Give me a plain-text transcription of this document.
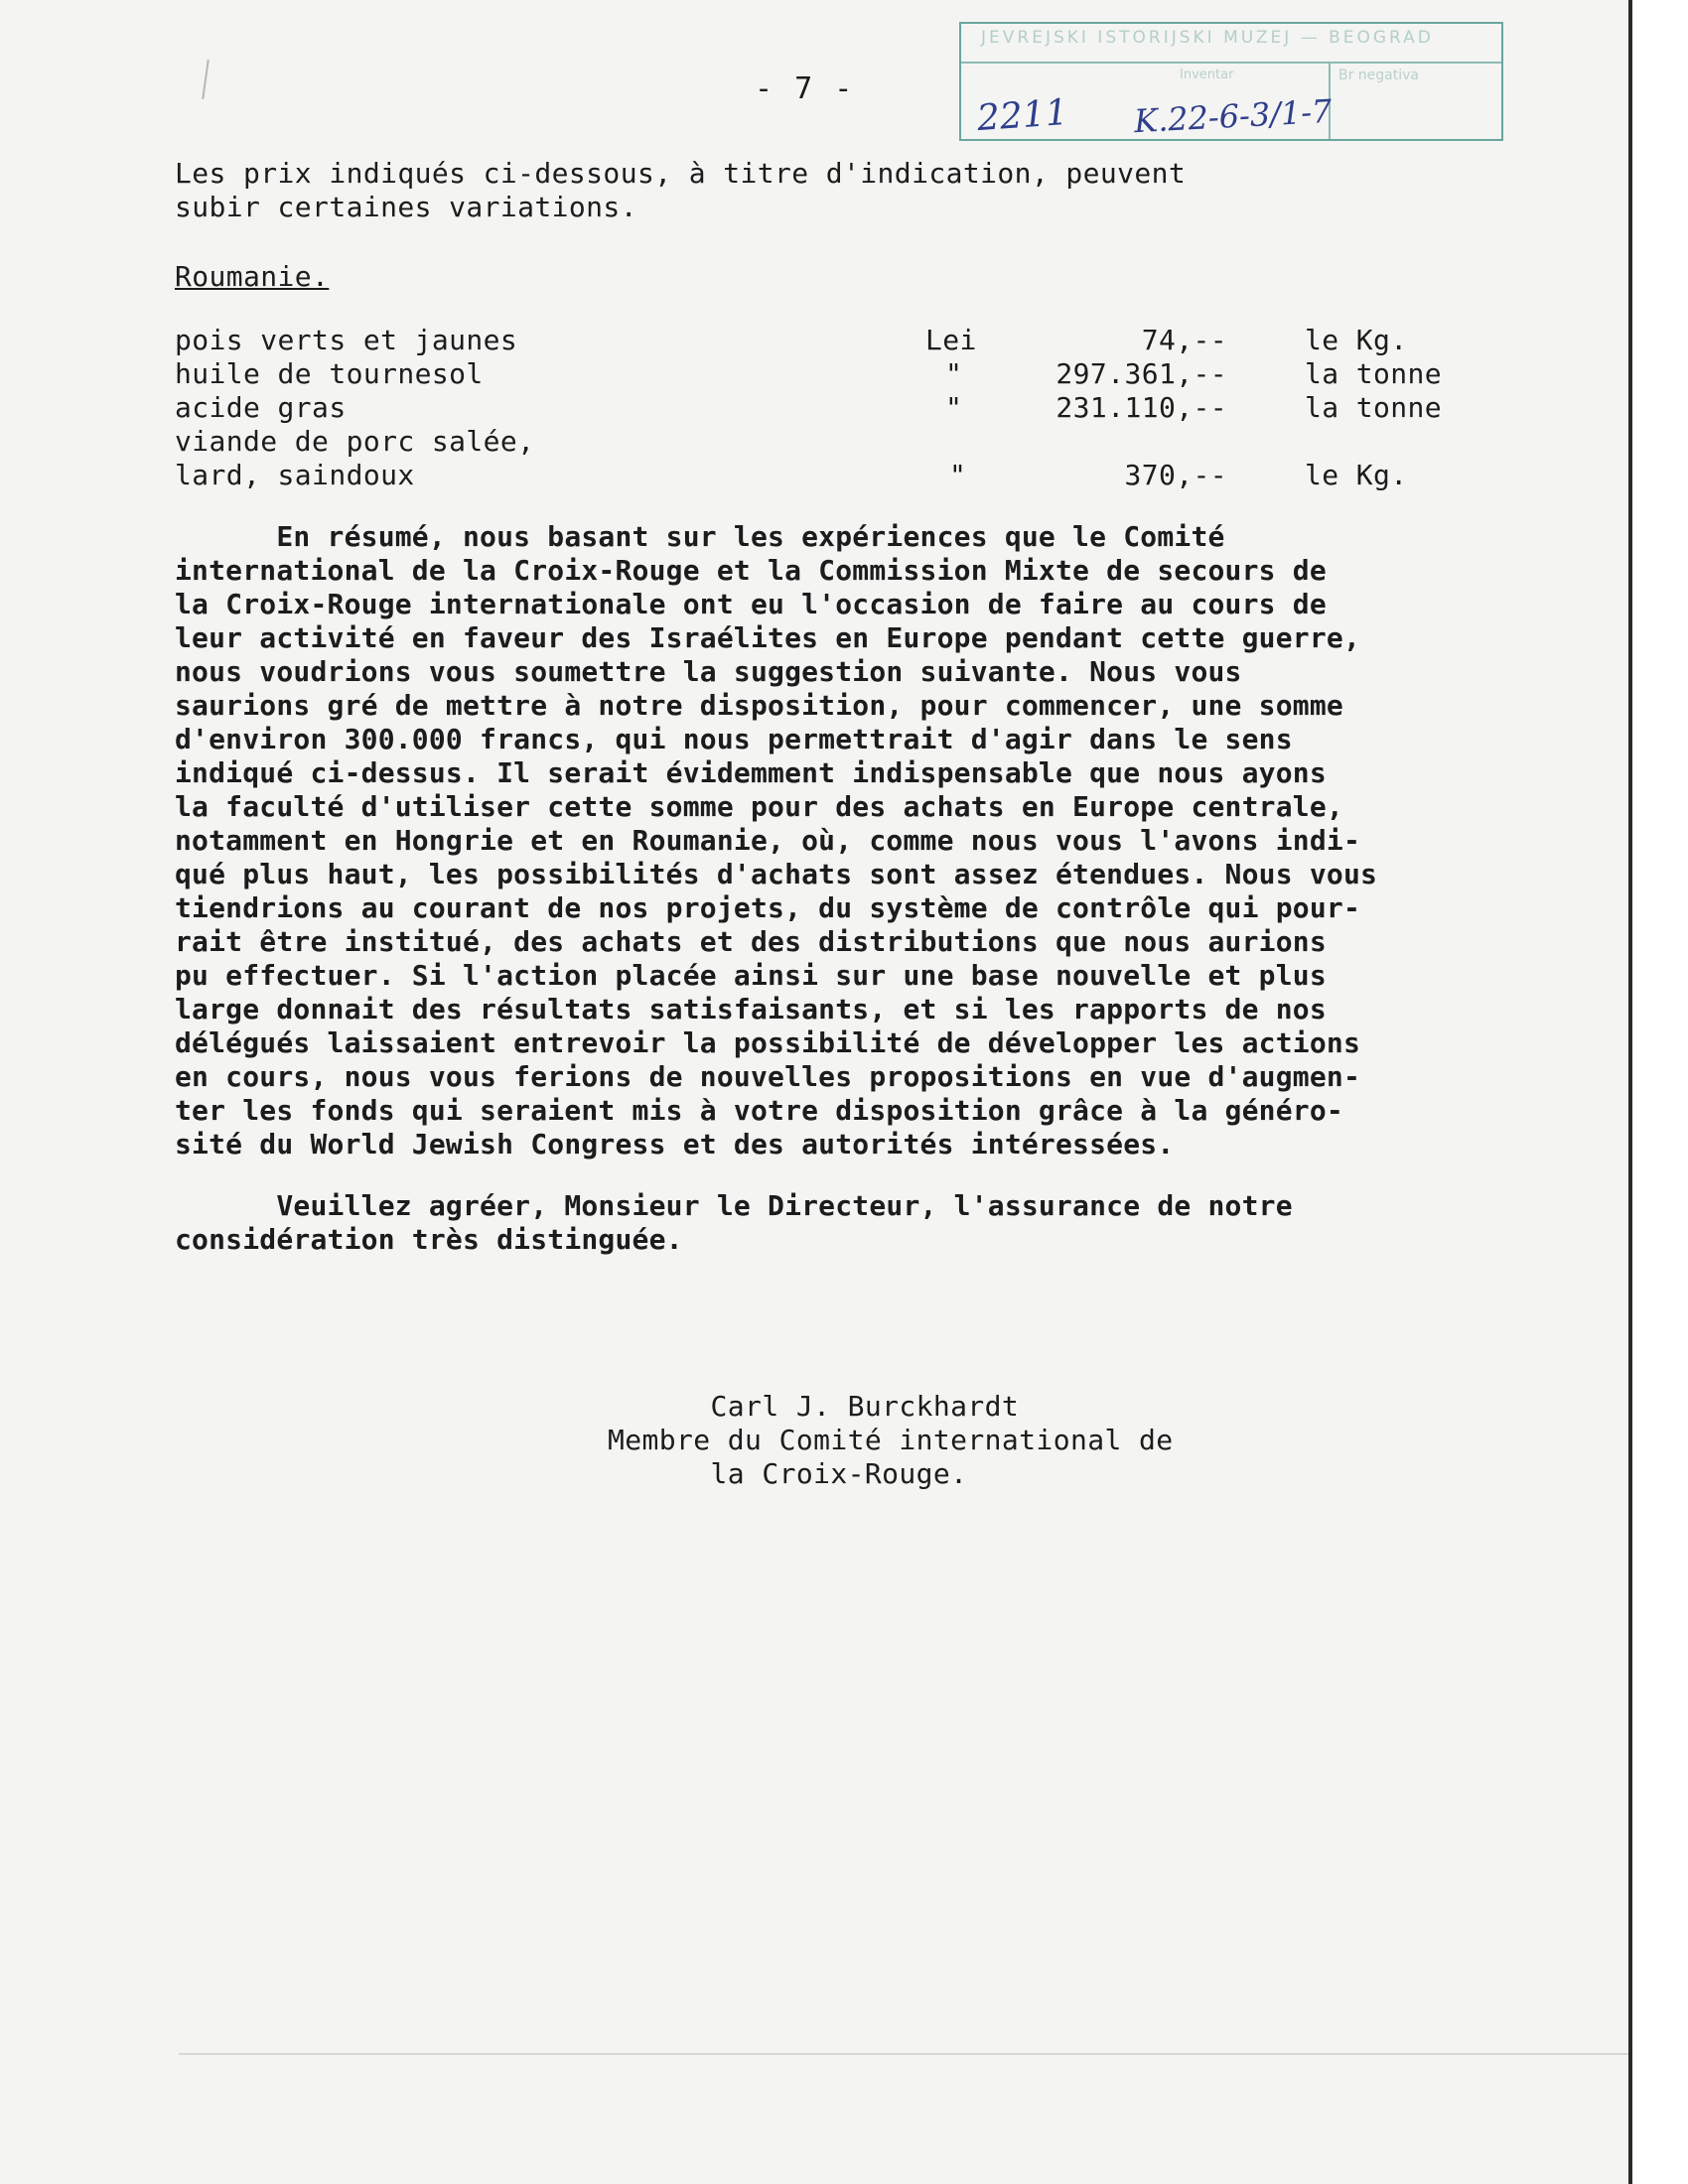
- 7 -
JEVREJSKI ISTORIJSKI MUZEJ — BEOGRAD
Inventar	Br negativa
2211 K.22-6-3/1-7
Les prix indiqués ci-dessous, à titre d'indication, peuvent
subir certaines variations.
Roumanie.
pois verts et jaunes	Lei	74,--	le Kg.
huile de tournesol	"	297.361,--	la tonne
acide gras	"	231.110,--	la tonne
viande de porc salée,
lard, saindoux	"	370,--	le Kg.
En résumé, nous basant sur les expériences que le Comité
international de la Croix-Rouge et la Commission Mixte de secours de
la Croix-Rouge internationale ont eu l'occasion de faire au cours de
leur activité en faveur des Israélites en Europe pendant cette guerre,
nous voudrions vous soumettre la suggestion suivante. Nous vous
saurions gré de mettre à notre disposition, pour commencer, une somme
d'environ 300.000 francs, qui nous permettrait d'agir dans le sens
indiqué ci-dessus. Il serait évidemment indispensable que nous ayons
la faculté d'utiliser cette somme pour des achats en Europe centrale,
notamment en Hongrie et en Roumanie, où, comme nous vous l'avons indi-
qué plus haut, les possibilités d'achats sont assez étendues. Nous vous
tiendrions au courant de nos projets, du système de contrôle qui pour-
rait être institué, des achats et des distributions que nous aurions
pu effectuer. Si l'action placée ainsi sur une base nouvelle et plus
large donnait des résultats satisfaisants, et si les rapports de nos
délégués laissaient entrevoir la possibilité de développer les actions
en cours, nous vous ferions de nouvelles propositions en vue d'augmen-
ter les fonds qui seraient mis à votre disposition grâce à la généro-
sité du World Jewish Congress et des autorités intéressées.
Veuillez agréer, Monsieur le Directeur, l'assurance de notre
considération très distinguée.
Carl J. Burckhardt
Membre du Comité international de
la Croix-Rouge.
